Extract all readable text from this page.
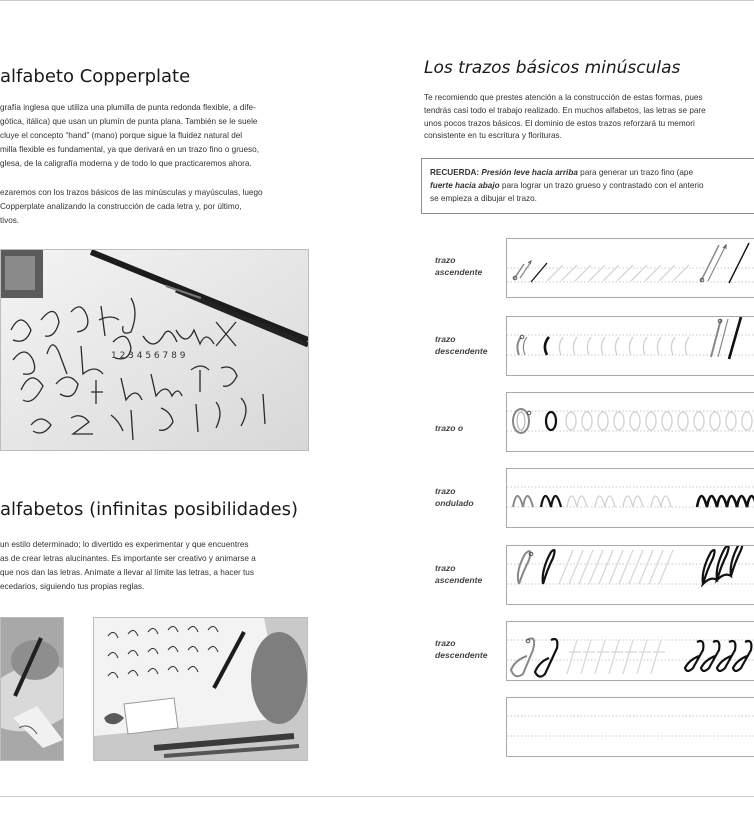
alfabeto Copperplate
grafía inglesa que utiliza una plumilla de punta redonda flexible, a dife-
gótica, itálica) que usan un plumín de punta plana. También se le suele
cluye el concepto “hand” (mano) porque sigue la fluidez natural del
milla flexible es fundamental, ya que derivará en un trazo fino o grueso,
glesa, de la caligrafía moderna y de todo lo que practicaremos ahora.
ezaremos con los trazos básicos de las minúsculas y mayúsculas, luego
Copperplate analizando la construcción de cada letra y, por último,
tivos.
1 2 3 4 5 6 7 8 9
alfabetos (infinitas posibilidades)
un estilo determinado; lo divertido es experimentar y que encuentres
as de crear letras alucinantes. Es importante ser creativo y animarse a
que nos dan las letras. Anímate a llevar al límite las letras, a hacer tus
ecedarios, siguiendo tus propias reglas.
Los trazos básicos minúsculas
Te recomiendo que prestes atención a la construcción de estas formas, pues
tendrás casi todo el trabajo realizado. En muchos alfabetos, las letras se pare
unos pocos trazos básicos. El dominio de estos trazos reforzará tu memori
consistente en tu escritura y florituras.
RECUERDA: Presión leve hacia arriba para generar un trazo fino (ape
fuerte hacia abajo para lograr un trazo grueso y contrastado con el anterio
se empieza a dibujar el trazo.
trazo
ascendente
trazo
descendente
trazo o
trazo
ondulado
trazo
ascendente
trazo
descendente
